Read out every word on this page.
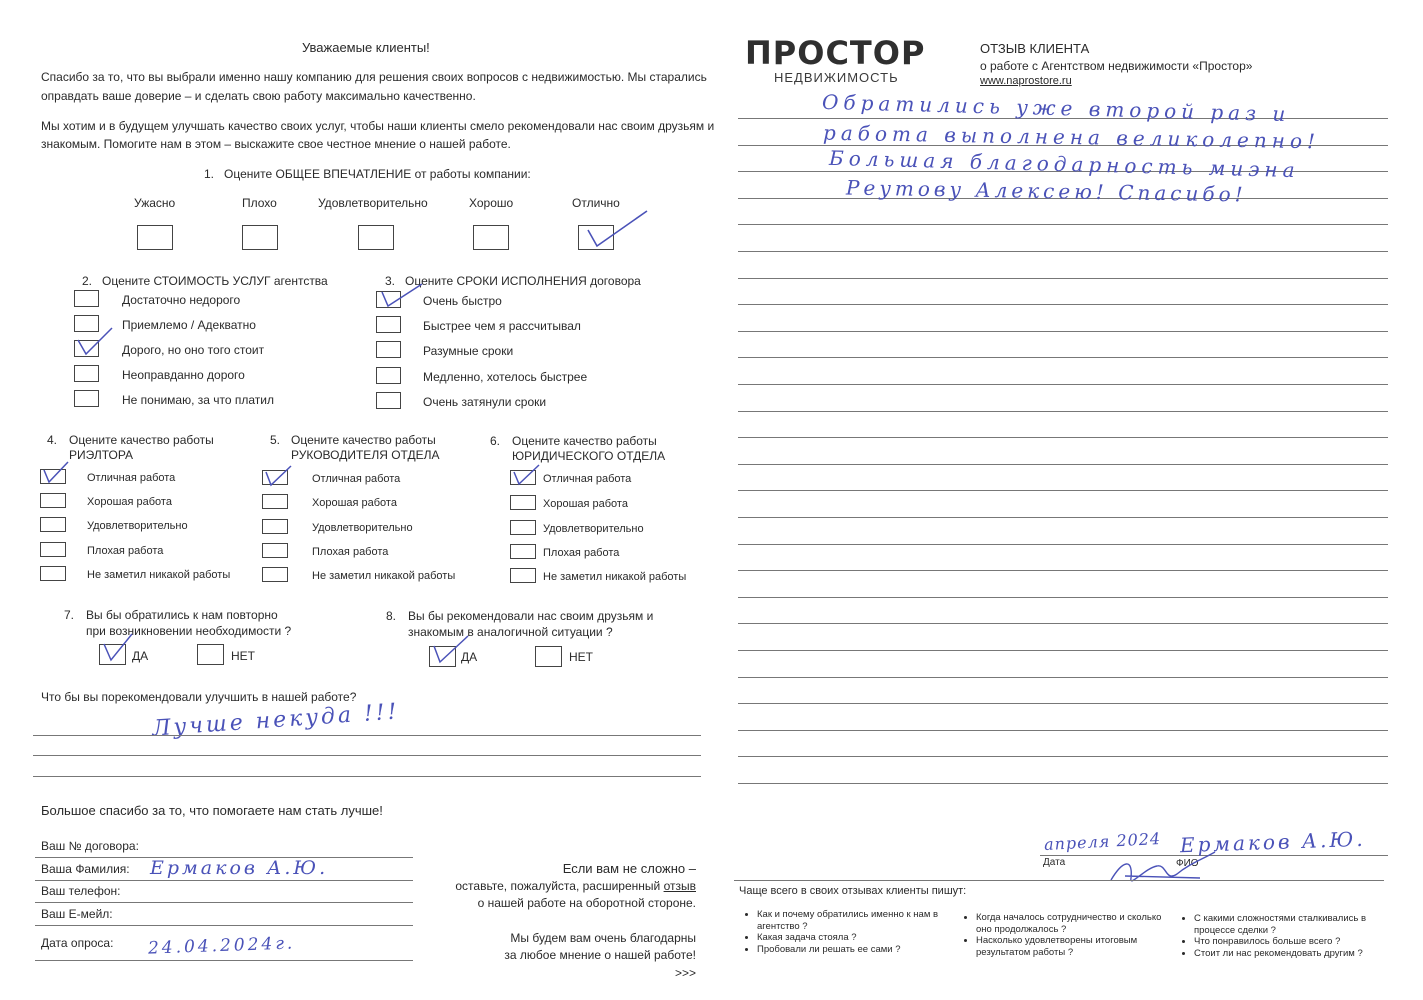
Уважаемые клиенты!
Спасибо за то, что вы выбрали именно нашу компанию для решения своих вопросов с недвижимостью. Мы старались
оправдать ваше доверие – и сделать свою работу максимально качественно.
Мы хотим и в будущем улучшать качество своих услуг, чтобы наши клиенты смело рекомендовали нас своим друзьям и
знакомым. Помогите нам в этом – выскажите свое честное мнение о нашей работе.
1. Оцените ОБЩЕЕ ВПЕЧАТЛЕНИЕ от работы компании:
Ужасно	Плохо	Удовлетворительно	Хорошо	Отлично
2. Оцените СТОИМОСТЬ УСЛУГ агентства
Достаточно недорого
Приемлемо / Адекватно
Дорого, но оно того стоит
Неоправданно дорого
Не понимаю, за что платил
3. Оцените СРОКИ ИСПОЛНЕНИЯ договора
Очень быстро
Быстрее чем я рассчитывал
Разумные сроки
Медленно, хотелось быстрее
Очень затянули сроки
4. Оцените качество работы
РИЭЛТОРА
Отличная работа
Хорошая работа
Удовлетворительно
Плохая работа
Не заметил никакой работы
5. Оцените качество работы
РУКОВОДИТЕЛЯ ОТДЕЛА
Отличная работа
Хорошая работа
Удовлетворительно
Плохая работа
Не заметил никакой работы
6. Оцените качество работы
ЮРИДИЧЕСКОГО ОТДЕЛА
Отличная работа
Хорошая работа
Удовлетворительно
Плохая работа
Не заметил никакой работы
7. Вы бы обратились к нам повторно
при возникновении необходимости ?
ДА	НЕТ
8. Вы бы рекомендовали нас своим друзьям и
знакомым в аналогичной ситуации ?
ДА	НЕТ
Что бы вы порекомендовали улучшить в нашей работе?
Лучше некуда !!!
Большое спасибо за то, что помогаете нам стать лучше!
Ваш № договора:
Ваша Фамилия: Ермаков А.Ю.
Ваш телефон:
Ваш Е-мейл:
Дата опроса: 24.04.2024г.
Если вам не сложно –
оставьте, пожалуйста, расширенный отзыв
о нашей работе на оборотной стороне.
Мы будем вам очень благодарны
за любое мнение о нашей работе!
>>>
ПРОСТОР
НЕДВИЖИМОСТЬ
ОТЗЫВ КЛИЕНТА
о работе с Агентством недвижимости «Простор»
www.naprostore.ru
Обратились уже второй раз и
работа выполнена великолепно!
Большая благодарность миэна
Реутову Алексею! Спасибо!
апреля 2024
Дата
Ермаков А.Ю.
ФИО
Чаще всего в своих отзывах клиенты пишут:
• Как и почему обратились именно к нам в агентство ?
• Какая задача стояла ?
• Пробовали ли решать ее сами ?
• Когда началось сотрудничество и сколько оно продолжалось ?
• Насколько удовлетворены итоговым результатом работы ?
• С какими сложностями сталкивались в процессе сделки ?
• Что понравилось больше всего ?
• Стоит ли нас рекомендовать другим ?
